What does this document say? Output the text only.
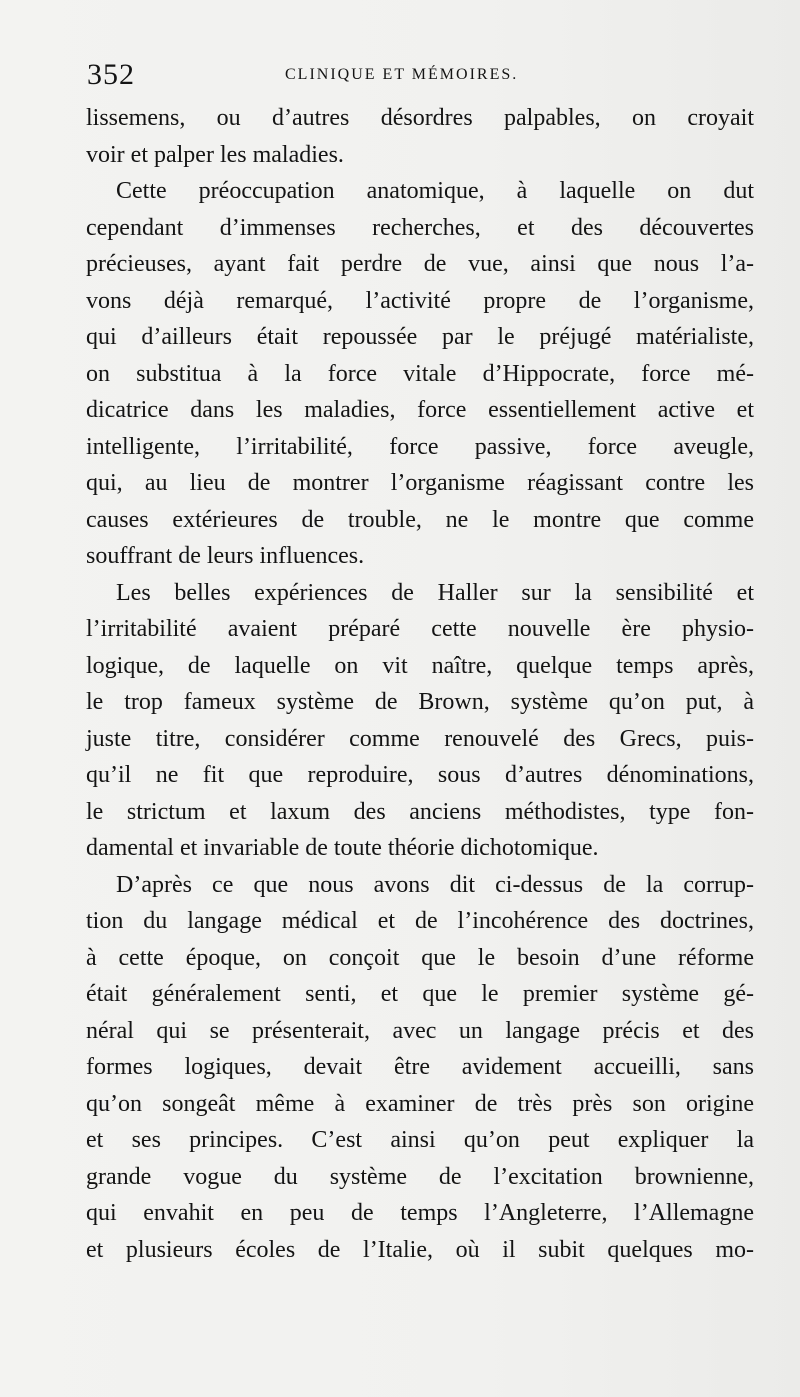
352	CLINIQUE ET MÉMOIRES.
lissemens, ou d’autres désordres palpables, on croyait
voir et palper les maladies.
Cette préoccupation anatomique, à laquelle on dut
cependant d’immenses recherches, et des découvertes
précieuses, ayant fait perdre de vue, ainsi que nous l’a-
vons déjà remarqué, l’activité propre de l’organisme,
qui d’ailleurs était repoussée par le préjugé matérialiste,
on substitua à la force vitale d’Hippocrate, force mé-
dicatrice dans les maladies, force essentiellement active et
intelligente, l’irritabilité, force passive, force aveugle,
qui, au lieu de montrer l’organisme réagissant contre les
causes extérieures de trouble, ne le montre que comme
souffrant de leurs influences.
Les belles expériences de Haller sur la sensibilité et
l’irritabilité avaient préparé cette nouvelle ère physio-
logique, de laquelle on vit naître, quelque temps après,
le trop fameux système de Brown, système qu’on put, à
juste titre, considérer comme renouvelé des Grecs, puis-
qu’il ne fit que reproduire, sous d’autres dénominations,
le strictum et laxum des anciens méthodistes, type fon-
damental et invariable de toute théorie dichotomique.
D’après ce que nous avons dit ci-dessus de la corrup-
tion du langage médical et de l’incohérence des doctrines,
à cette époque, on conçoit que le besoin d’une réforme
était généralement senti, et que le premier système gé-
néral qui se présenterait, avec un langage précis et des
formes logiques, devait être avidement accueilli, sans
qu’on songeât même à examiner de très près son origine
et ses principes. C’est ainsi qu’on peut expliquer la
grande vogue du système de l’excitation brownienne,
qui envahit en peu de temps l’Angleterre, l’Allemagne
et plusieurs écoles de l’Italie, où il subit quelques mo-
